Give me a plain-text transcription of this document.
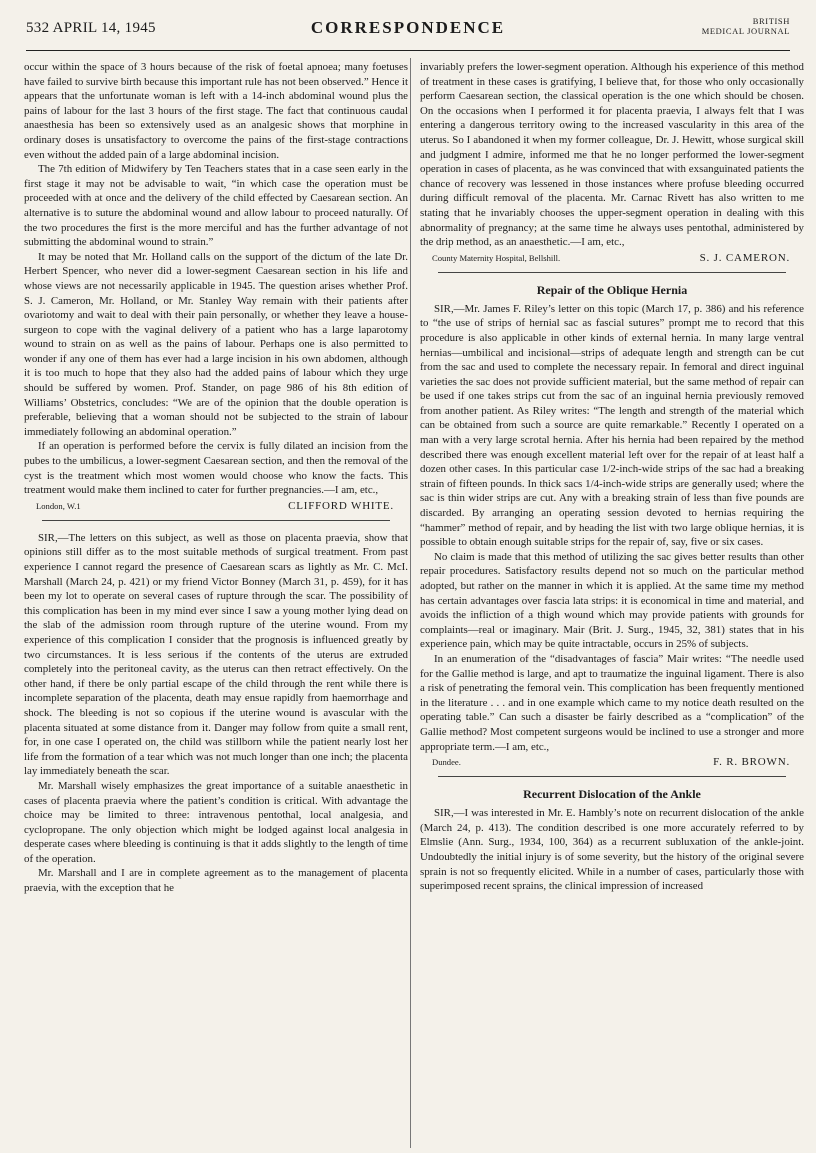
532 APRIL 14, 1945	CORRESPONDENCE	BRITISH
MEDICAL JOURNAL

occur within the space of 3 hours because of the risk of foetal apnoea; many foetuses have failed to survive birth because this important rule has not been observed.” Hence it appears that the unfortunate woman is left with a 14-inch abdominal wound plus the pains of labour for the last 3 hours of the first stage. The fact that continuous caudal anaesthesia has been so extensively used as an analgesic shows that morphine in ordinary doses is unsatisfactory to overcome the pains of the first-stage contractions even without the added pain of a large abdominal incision.

The 7th edition of Midwifery by Ten Teachers states that in a case seen early in the first stage it may not be advisable to wait, “in which case the operation must be proceeded with at once and the delivery of the child effected by Caesarean section. An alternative is to suture the abdominal wound and allow labour to proceed naturally. Of the two procedures the first is the more merciful and has the further advantage of not submitting the abdominal wound to strain.”

It may be noted that Mr. Holland calls on the support of the dictum of the late Dr. Herbert Spencer, who never did a lower-segment Caesarean section in his life and whose views are not necessarily applicable in 1945. The question arises whether Prof. S. J. Cameron, Mr. Holland, or Mr. Stanley Way remain with their patients after ovariotomy and wait to deal with their pain personally, or whether they leave a house-surgeon to cope with the vaginal delivery of a patient who has a large laparotomy wound to strain on as well as the pains of labour. Perhaps one is also permitted to wonder if any one of them has ever had a large incision in his own abdomen, although it is too much to hope that they also had the added pains of labour which they urge should be suffered by women. Prof. Stander, on page 986 of his 8th edition of Williams’ Obstetrics, concludes: “We are of the opinion that the double operation is preferable, believing that a woman should not be subjected to the strain of labour immediately following an abdominal operation.”

If an operation is performed before the cervix is fully dilated an incision from the pubes to the umbilicus, a lower-segment Caesarean section, and then the removal of the cyst is the treatment which most women would choose who know the facts. This treatment would make them inclined to cater for further pregnancies.—I am, etc.,

London, W.1	CLIFFORD WHITE.

SIR,—The letters on this subject, as well as those on placenta praevia, show that opinions still differ as to the most suitable methods of surgical treatment. From past experience I cannot regard the presence of Caesarean scars as lightly as Mr. C. McI. Marshall (March 24, p. 421) or my friend Victor Bonney (March 31, p. 459), for it has been my lot to operate on several cases of rupture through the scar. The possibility of this complication has been in my mind ever since I saw a young mother lying dead on the slab of the admission room through rupture of the uterine wound. From my experience of this complication I consider that the prognosis is influenced greatly by two circumstances. It is less serious if the contents of the uterus are extruded completely into the peritoneal cavity, as the uterus can then retract effectively. On the other hand, if there be only partial escape of the child through the rent while there is incomplete separation of the placenta, death may ensue rapidly from haemorrhage and shock. The bleeding is not so copious if the uterine wound is avascular with the placenta situated at some distance from it. Danger may follow from quite a small rent, for, in one case I operated on, the child was stillborn while the patient nearly lost her life from the formation of a tear which was not much longer than one inch; the placenta lay immediately beneath the scar.

Mr. Marshall wisely emphasizes the great importance of a suitable anaesthetic in cases of placenta praevia where the patient’s condition is critical. With advantage the choice may be limited to three: intravenous pentothal, local analgesia, and cyclopropane. The only objection which might be lodged against local analgesia in desperate cases where bleeding is continuing is that it adds slightly to the length of time of the operation.

Mr. Marshall and I are in complete agreement as to the management of placenta praevia, with the exception that he

invariably prefers the lower-segment operation. Although his experience of this method of treatment in these cases is gratifying, I believe that, for those who only occasionally perform Caesarean section, the classical operation is the one which should be chosen. On the occasions when I performed it for placenta praevia, I always felt that I was entering a dangerous territory owing to the increased vascularity in this area of the uterus. So I abandoned it when my former colleague, Dr. J. Hewitt, whose surgical skill and judgment I admire, informed me that he no longer performed the lower-segment operation in cases of placenta, as he was convinced that with exsanguinated patients the chance of recovery was lessened in those instances where profuse bleeding occurred during difficult removal of the placenta. Mr. Carnac Rivett has also written to me stating that he invariably chooses the upper-segment operation in dealing with this abnormality of pregnancy; at the same time he always uses pentothal, administered by the drip method, as an anaesthetic.—I am, etc.,

County Maternity Hospital, Bellshill.	S. J. CAMERON.
Repair of the Oblique Hernia

SIR,—Mr. James F. Riley’s letter on this topic (March 17, p. 386) and his reference to “the use of strips of hernial sac as fascial sutures” prompt me to record that this procedure is also applicable in other kinds of external hernia. In many large ventral hernias—umbilical and incisional—strips of adequate length and strength can be cut from the sac and used to complete the necessary repair. In femoral and direct inguinal varieties the sac does not provide sufficient material, but the same method of repair can be used if one takes strips cut from the sac of an inguinal hernia previously removed from another patient. As Riley writes: “The length and strength of the material which can be obtained from such a source are quite remarkable.” Recently I operated on a man with a very large scrotal hernia. After his hernia had been repaired by the method described there was enough excellent material left over for the repair of at least half a dozen other cases. In this particular case 1/2-inch-wide strips of the sac had a breaking strain of fifteen pounds. In thick sacs 1/4-inch-wide strips are generally used; where the sac is thin wider strips are cut. Any with a breaking strain of less than five pounds are discarded. By arranging an operating session devoted to hernias requiring the “hammer” method of repair, and by heading the list with two large oblique hernias, it is possible to obtain enough suitable strips for the repair of, say, five or six cases.

No claim is made that this method of utilizing the sac gives better results than other repair procedures. Satisfactory results depend not so much on the particular method adopted, but rather on the manner in which it is applied. At the same time my method has certain advantages over fascia lata strips: it is economical in time and material, and avoids the infliction of a thigh wound which may provide patients with grounds for complaints—real or imaginary. Mair (Brit. J. Surg., 1945, 32, 381) states that in his experience pain, which may be quite intractable, occurs in 25% of subjects.

In an enumeration of the “disadvantages of fascia” Mair writes: “The needle used for the Gallie method is large, and apt to traumatize the inguinal ligament. There is also a risk of penetrating the femoral vein. This complication has been frequently mentioned in the literature . . . and in one example which came to my notice death resulted on the operating table.” Can such a disaster be fairly described as a “complication” of the Gallie method? Most competent surgeons would be inclined to use a stronger and more appropriate term.—I am, etc.,

Dundee.	F. R. BROWN.
Recurrent Dislocation of the Ankle

SIR,—I was interested in Mr. E. Hambly’s note on recurrent dislocation of the ankle (March 24, p. 413). The condition described is one more accurately referred to by Elmslie (Ann. Surg., 1934, 100, 364) as a recurrent subluxation of the ankle-joint. Undoubtedly the initial injury is of some severity, but the history of the original severe sprain is not so frequently elicited. While in a number of cases, particularly those with superimposed recent sprains, the clinical impression of increased
